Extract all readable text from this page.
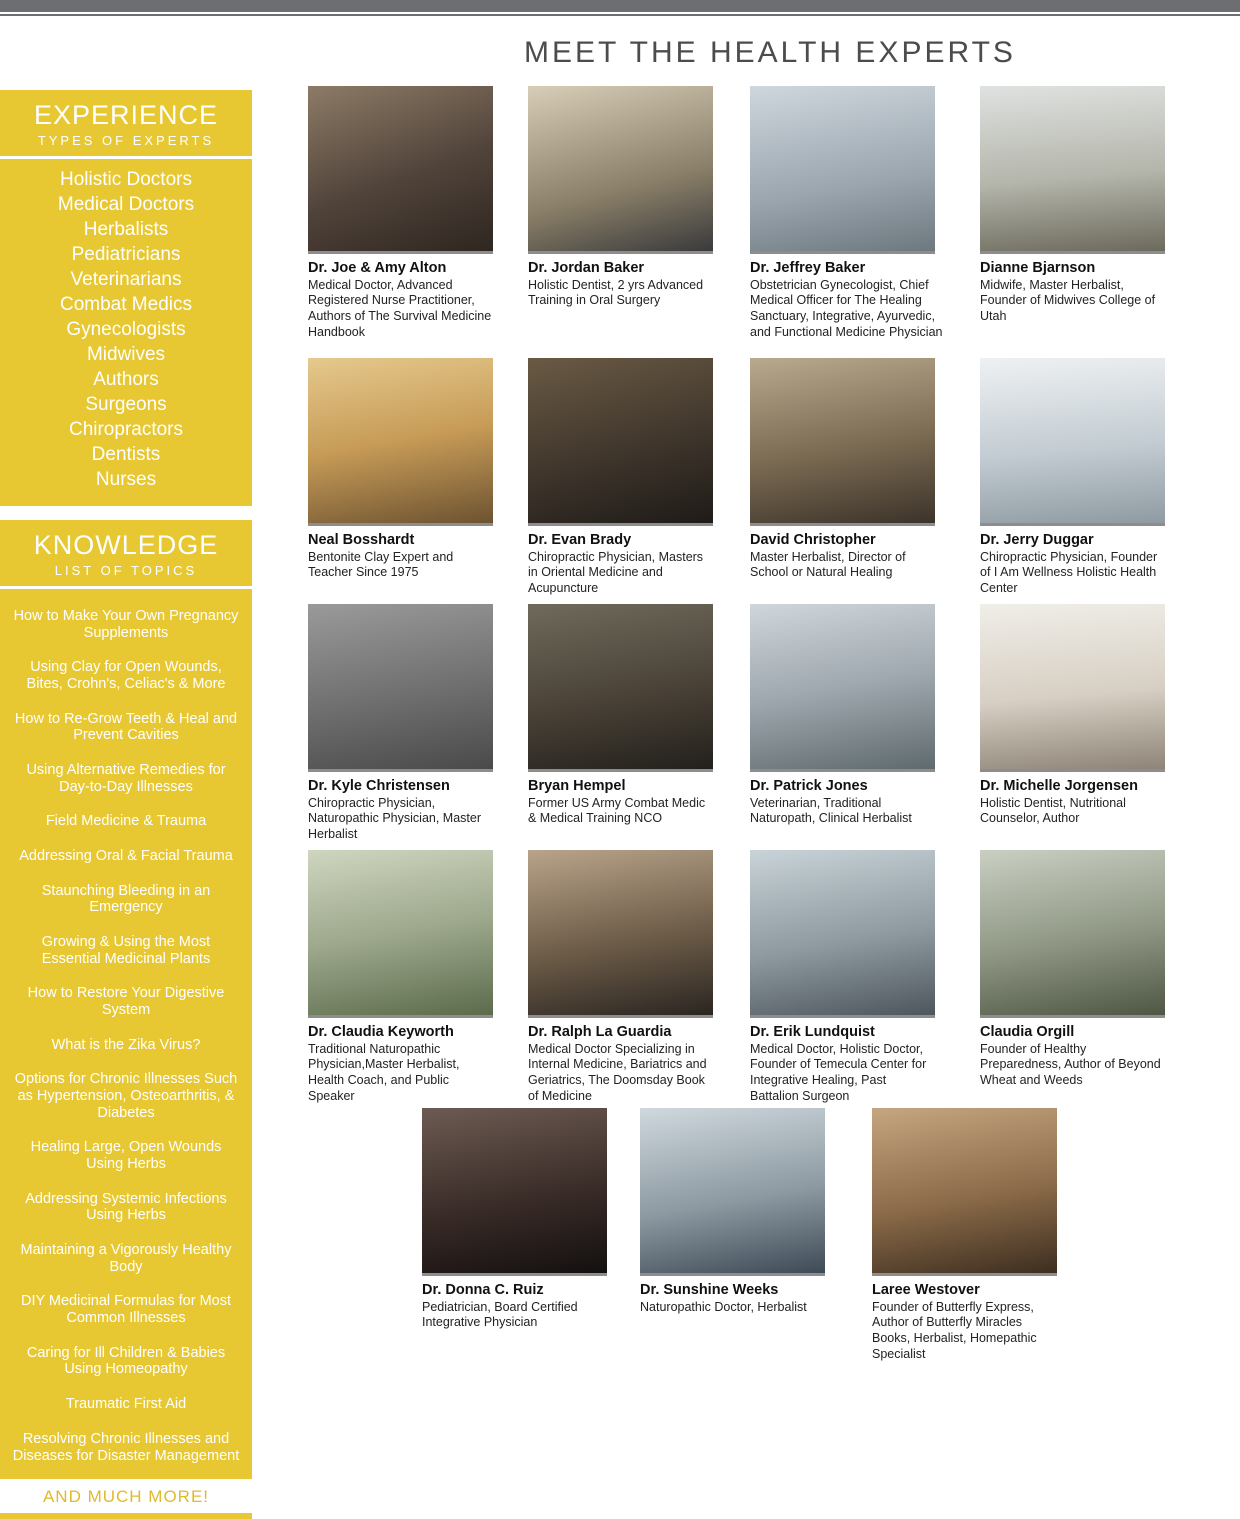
MEET THE HEALTH EXPERTS
EXPERIENCE

TYPES OF EXPERTS

Holistic Doctors
Medical Doctors
Herbalists
Pediatricians
Veterinarians
Combat Medics
Gynecologists
Midwives
Authors
Surgeons
Chiropractors
Dentists
Nurses
KNOWLEDGE

LIST OF TOPICS

How to Make Your Own Pregnancy Supplements
Using Clay for Open Wounds, Bites, Crohn's, Celiac's & More
How to Re-Grow Teeth & Heal and Prevent Cavities
Using Alternative Remedies for Day-to-Day Illnesses
Field Medicine & Trauma
Addressing Oral & Facial Trauma
Staunching Bleeding in an Emergency
Growing & Using the Most Essential Medicinal Plants
How to Restore Your Digestive System
What is the Zika Virus?
Options for Chronic Illnesses Such as Hypertension, Osteoarthritis, & Diabetes
Healing Large, Open Wounds Using Herbs
Addressing Systemic Infections Using Herbs
Maintaining a Vigorously Healthy Body
DIY Medicinal Formulas for Most Common Illnesses
Caring for Ill Children & Babies Using Homeopathy
Traumatic First Aid
Resolving Chronic Illnesses and Diseases for Disaster Management
AND MUCH MORE!
Dr. Joe & Amy Alton

Medical Doctor, Advanced Registered Nurse Practitioner, Authors of The Survival Medicine Handbook

Dr. Jordan Baker

Holistic Dentist, 2 yrs Advanced Training in Oral Surgery

Dr. Jeffrey Baker

Obstetrician Gynecologist, Chief Medical Officer for The Healing Sanctuary, Integrative, Ayurvedic, and Functional Medicine Physician

Dianne Bjarnson

Midwife, Master Herbalist, Founder of Midwives College of Utah

Neal Bosshardt

Bentonite Clay Expert and Teacher Since 1975

Dr. Evan Brady

Chiropractic Physician, Masters in Oriental Medicine and Acupuncture

David Christopher

Master Herbalist, Director of School or Natural Healing

Dr. Jerry Duggar

Chiropractic Physician, Founder of I Am Wellness Holistic Health Center

Dr. Kyle Christensen

Chiropractic Physician, Naturopathic Physician, Master Herbalist

Bryan Hempel

Former US Army Combat Medic & Medical Training NCO

Dr. Patrick Jones

Veterinarian, Traditional Naturopath, Clinical Herbalist

Dr. Michelle Jorgensen

Holistic Dentist, Nutritional Counselor, Author

Dr. Claudia Keyworth

Traditional Naturopathic Physician,Master Herbalist, Health Coach, and Public Speaker

Dr. Ralph La Guardia

Medical Doctor Specializing in Internal Medicine, Bariatrics and Geriatrics, The Doomsday Book of Medicine

Dr. Erik Lundquist

Medical Doctor, Holistic Doctor, Founder of Temecula Center for Integrative Healing, Past Battalion Surgeon

Claudia Orgill

Founder of Healthy Preparedness, Author of Beyond Wheat and Weeds

Dr. Donna C. Ruiz

Pediatrician, Board Certified Integrative Physician

Dr. Sunshine Weeks

Naturopathic Doctor, Herbalist

Laree Westover

Founder of Butterfly Express, Author of Butterfly Miracles Books, Herbalist, Homepathic Specialist
